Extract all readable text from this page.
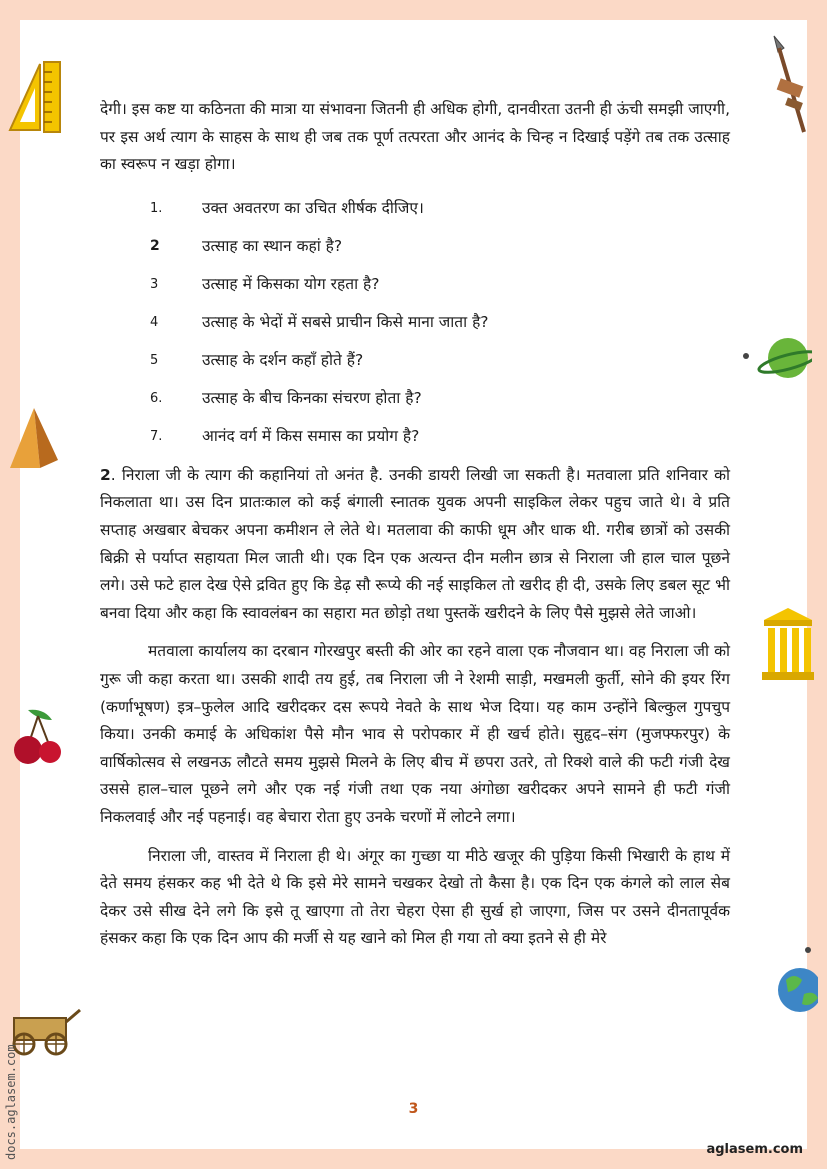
देगी। इस कष्ट या कठिनता की मात्रा या संभावना जितनी ही अधिक होगी, दानवीरता उतनी ही ऊंची समझी जाएगी, पर इस अर्थ त्याग के साहस के साथ ही जब तक पूर्ण तत्परता और आनंद के चिन्ह न दिखाई पड़ेंगे तब तक उत्साह का स्वरूप न खड़ा होगा।

1.	उक्त अवतरण का उचित शीर्षक दीजिए।
2	उत्साह का स्थान कहां है?
3	उत्साह में किसका योग रहता है?
4	उत्साह के भेदों में सबसे प्राचीन किसे माना जाता है?
5	उत्साह के दर्शन कहाँ होते हैं?
6.	उत्साह के बीच किनका संचरण होता है?
7.	आनंद वर्ग में किस समास का प्रयोग है?

2. निराला जी के त्याग की कहानियां तो अनंत है. उनकी डायरी लिखी जा सकती है। मतवाला प्रति शनिवार को निकलाता था। उस दिन प्रातःकाल को कई बंगाली स्नातक युवक अपनी साइकिल लेकर पहुच जाते थे। वे प्रति सप्ताह अखबार बेचकर अपना कमीशन ले लेते थे। मतलावा की काफी धूम और धाक थी. गरीब छात्रों को उसकी बिक्री से पर्याप्त सहायता मिल जाती थी। एक दिन एक अत्यन्त दीन मलीन छात्र से निराला जी हाल चाल पूछने लगे। उसे फटे हाल देख ऐसे द्रवित हुए कि डेढ़ सौ रूप्ये की नई साइकिल तो खरीद ही दी, उसके लिए डबल सूट भी बनवा दिया और कहा कि स्वावलंबन का सहारा मत छोड़ो तथा पुस्तकें खरीदने के लिए पैसे मुझसे लेते जाओ।

मतवाला कार्यालय का दरबान गोरखपुर बस्ती की ओर का रहने वाला एक नौजवान था। वह निराला जी को गुरू जी कहा करता था। उसकी शादी तय हुई, तब निराला जी ने रेशमी साड़ी, मखमली कुर्ती, सोने की इयर रिंग (कर्णाभूषण) इत्र–फुलेल आदि खरीदकर दस रूपये नेवते के साथ भेज दिया। यह काम उन्होंने बिल्कुल गुपचुप किया। उनकी कमाई के अधिकांश पैसे मौन भाव से परोपकार में ही खर्च होते। सुहृद–संग (मुजफ्फरपुर) के वार्षिकोत्सव से लखनऊ लौटते समय मुझसे मिलने के लिए बीच में छपरा उतरे, तो रिक्शे वाले की फटी गंजी देख उससे हाल–चाल पूछने लगे और एक नई गंजी तथा एक नया अंगोछा खरीदकर अपने सामने ही फटी गंजी निकलवाई और नई पहनाई। वह बेचारा रोता हुए उनके चरणों में लोटने लगा।

निराला जी, वास्तव में निराला ही थे। अंगूर का गुच्छा या मीठे खजूर की पुड़िया किसी भिखारी के हाथ में देते समय हंसकर कह भी देते थे कि इसे मेरे सामने चखकर देखो तो कैसा है। एक दिन एक कंगले को लाल सेब देकर उसे सीख देने लगे कि इसे तू खाएगा तो तेरा चेहरा ऐसा ही सुर्ख हो जाएगा, जिस पर उसने दीनतापूर्वक हंसकर कहा कि एक दिन आप की मर्जी से यह खाने को मिल ही गया तो क्या इतने से ही मेरे

3
aglasem.com
docs.aglasem.com
